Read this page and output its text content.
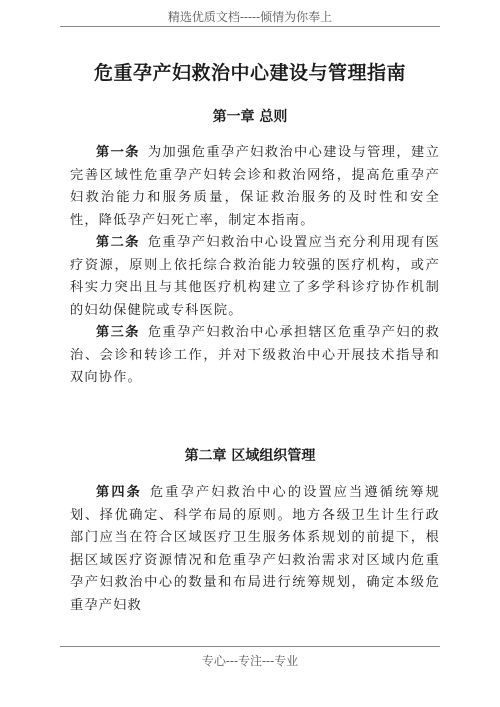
精选优质文档-----倾情为你奉上
危重孕产妇救治中心建设与管理指南
第一章 总则
第一条 为加强危重孕产妇救治中心建设与管理，建立完善区域性危重孕产妇转会诊和救治网络，提高危重孕产妇救治能力和服务质量，保证救治服务的及时性和安全性，降低孕产妇死亡率，制定本指南。
第二条 危重孕产妇救治中心设置应当充分利用现有医疗资源，原则上依托综合救治能力较强的医疗机构，或产科实力突出且与其他医疗机构建立了多学科诊疗协作机制的妇幼保健院或专科医院。
第三条 危重孕产妇救治中心承担辖区危重孕产妇的救治、会诊和转诊工作，并对下级救治中心开展技术指导和双向协作。
第二章 区域组织管理
第四条 危重孕产妇救治中心的设置应当遵循统筹规划、择优确定、科学布局的原则。地方各级卫生计生行政部门应当在符合区域医疗卫生服务体系规划的前提下，根据区域医疗资源情况和危重孕产妇救治需求对区域内危重孕产妇救治中心的数量和布局进行统筹规划，确定本级危重孕产妇救
专心---专注---专业
